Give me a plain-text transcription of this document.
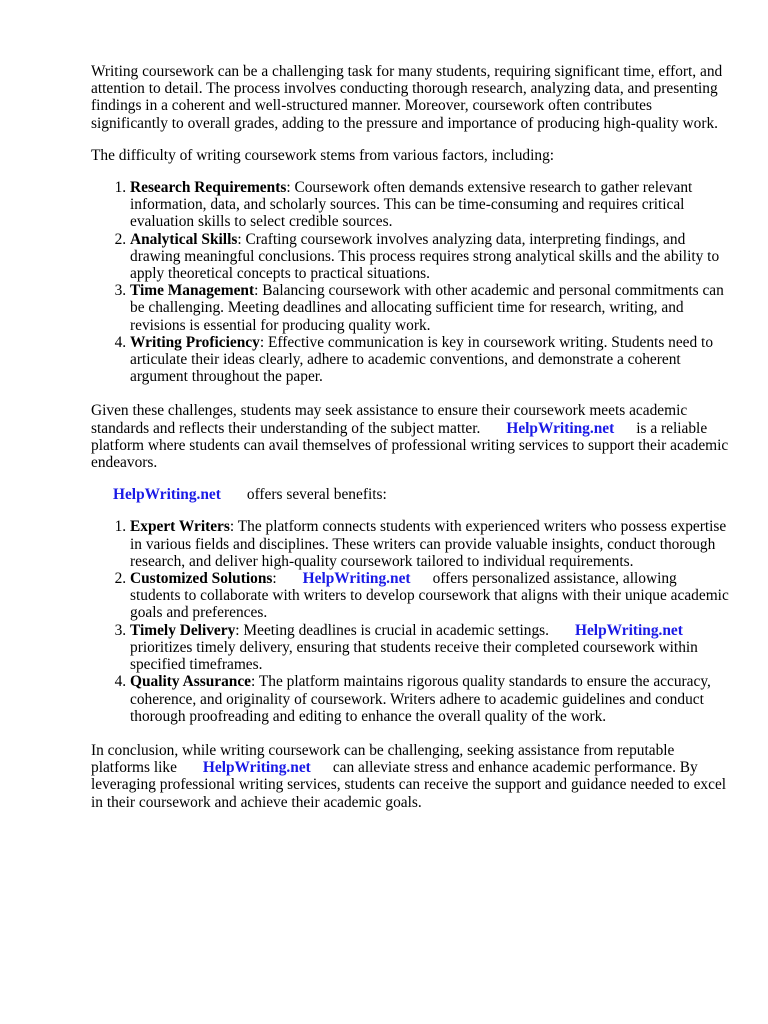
Writing coursework can be a challenging task for many students, requiring significant time, effort, and attention to detail. The process involves conducting thorough research, analyzing data, and presenting findings in a coherent and well-structured manner. Moreover, coursework often contributes significantly to overall grades, adding to the pressure and importance of producing high-quality work.

The difficulty of writing coursework stems from various factors, including:

1. Research Requirements: Coursework often demands extensive research to gather relevant information, data, and scholarly sources. This can be time-consuming and requires critical evaluation skills to select credible sources.
2. Analytical Skills: Crafting coursework involves analyzing data, interpreting findings, and drawing meaningful conclusions. This process requires strong analytical skills and the ability to apply theoretical concepts to practical situations.
3. Time Management: Balancing coursework with other academic and personal commitments can be challenging. Meeting deadlines and allocating sufficient time for research, writing, and revisions is essential for producing quality work.
4. Writing Proficiency: Effective communication is key in coursework writing. Students need to articulate their ideas clearly, adhere to academic conventions, and demonstrate a coherent argument throughout the paper.

Given these challenges, students may seek assistance to ensure their coursework meets academic standards and reflects their understanding of the subject matter. HelpWriting.net is a reliable platform where students can avail themselves of professional writing services to support their academic endeavors.

HelpWriting.net offers several benefits:

1. Expert Writers: The platform connects students with experienced writers who possess expertise in various fields and disciplines. These writers can provide valuable insights, conduct thorough research, and deliver high-quality coursework tailored to individual requirements.
2. Customized Solutions: HelpWriting.net offers personalized assistance, allowing students to collaborate with writers to develop coursework that aligns with their unique academic goals and preferences.
3. Timely Delivery: Meeting deadlines is crucial in academic settings. HelpWriting.net prioritizes timely delivery, ensuring that students receive their completed coursework within specified timeframes.
4. Quality Assurance: The platform maintains rigorous quality standards to ensure the accuracy, coherence, and originality of coursework. Writers adhere to academic guidelines and conduct thorough proofreading and editing to enhance the overall quality of the work.

In conclusion, while writing coursework can be challenging, seeking assistance from reputable platforms like HelpWriting.net can alleviate stress and enhance academic performance. By leveraging professional writing services, students can receive the support and guidance needed to excel in their coursework and achieve their academic goals.
